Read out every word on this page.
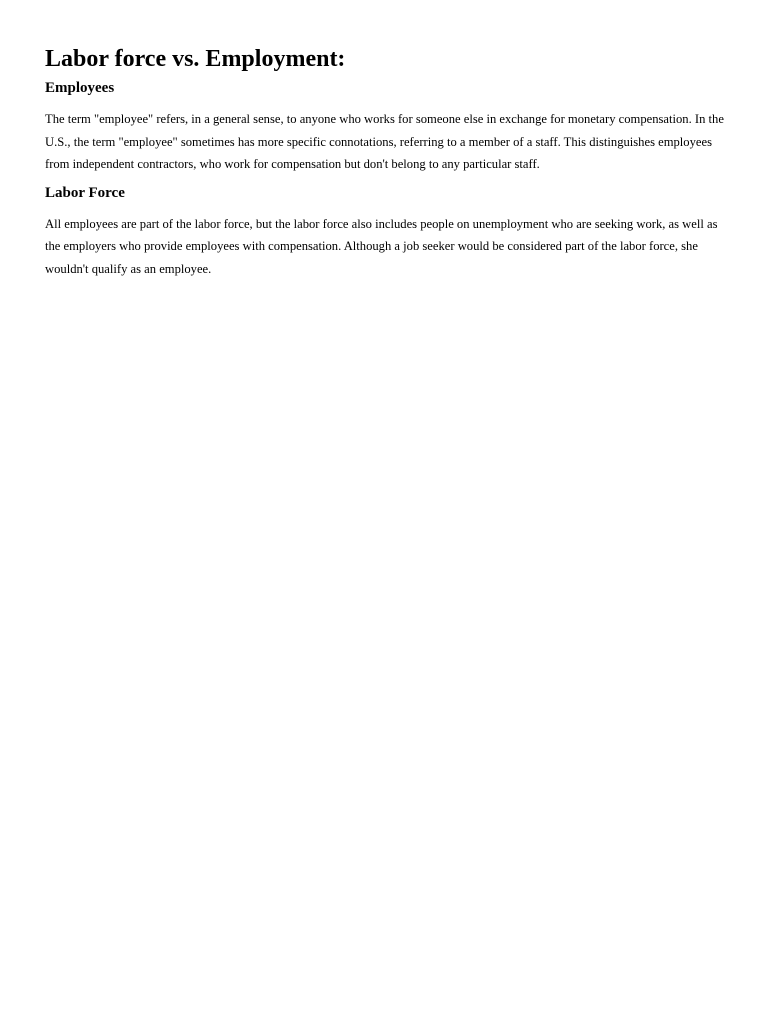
Labor force vs. Employment:
Employees

The term "employee" refers, in a general sense, to anyone who works for someone else in exchange for monetary compensation. In the U.S., the term "employee" sometimes has more specific connotations, referring to a member of a staff. This distinguishes employees from independent contractors, who work for compensation but don't belong to any particular staff.

Labor Force

All employees are part of the labor force, but the labor force also includes people on unemployment who are seeking work, as well as the employers who provide employees with compensation. Although a job seeker would be considered part of the labor force, she wouldn't qualify as an employee.
